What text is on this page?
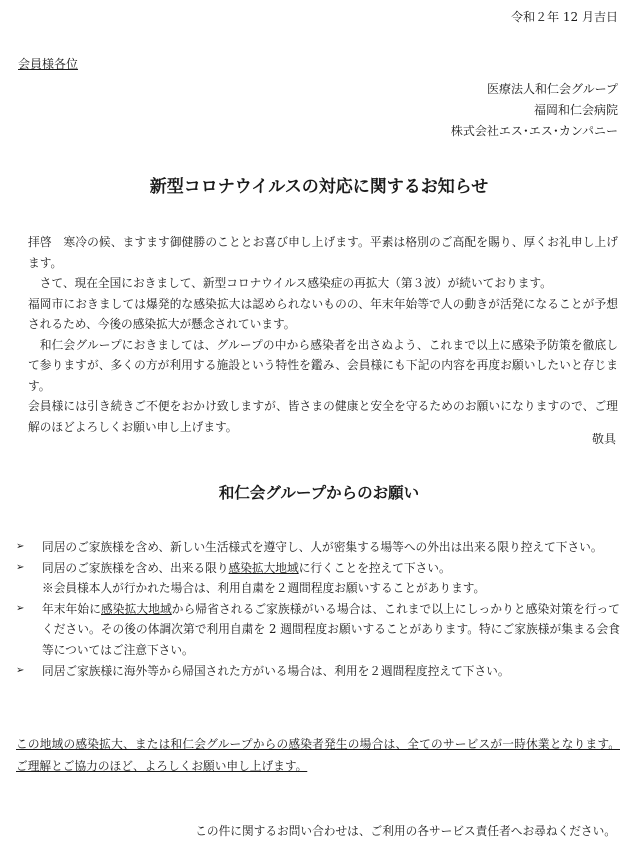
令和２年 12 月吉日
会員様各位
医療法人和仁会グループ
福岡和仁会病院
株式会社エス･エス･カンパニー
新型コロナウイルスの対応に関するお知らせ

拝啓　寒冷の候、ますます御健勝のこととお喜び申し上げます。平素は格別のご高配を賜り、厚くお礼申し上げます。

　さて、現在全国におきまして、新型コロナウイルス感染症の再拡大（第３波）が続いております。

福岡市におきましては爆発的な感染拡大は認められないものの、年末年始等で人の動きが活発になることが予想されるため、今後の感染拡大が懸念されています。

　和仁会グループにおきましては、グループの中から感染者を出さぬよう、これまで以上に感染予防策を徹底して参りますが、多くの方が利用する施設という特性を鑑み、会員様にも下記の内容を再度お願いしたいと存じます。

会員様には引き続きご不便をおかけ致しますが、皆さまの健康と安全を守るためのお願いになりますので、ご理解のほどよろしくお願い申し上げます。

敬具
和仁会グループからのお願い
➢ 同居のご家族様を含め、新しい生活様式を遵守し、人が密集する場等への外出は出来る限り控えて下さい。
➢ 同居のご家族様を含め、出来る限り感染拡大地域に行くことを控えて下さい。
※会員様本人が行かれた場合は、利用自粛を２週間程度お願いすることがあります。
➢ 年末年始に感染拡大地域から帰省されるご家族様がいる場合は、これまで以上にしっかりと感染対策を行ってください。その後の体調次第で利用自粛を 2 週間程度お願いすることがあります。特にご家族様が集まる会食等についてはご注意下さい。
➢ 同居ご家族様に海外等から帰国された方がいる場合は、利用を２週間程度控えて下さい。
この地域の感染拡大、または和仁会グループからの感染者発生の場合は、全てのサービスが一時休業となります。ご理解とご協力のほど、よろしくお願い申し上げます。
この件に関するお問い合わせは、ご利用の各サービス責任者へお尋ねください。
